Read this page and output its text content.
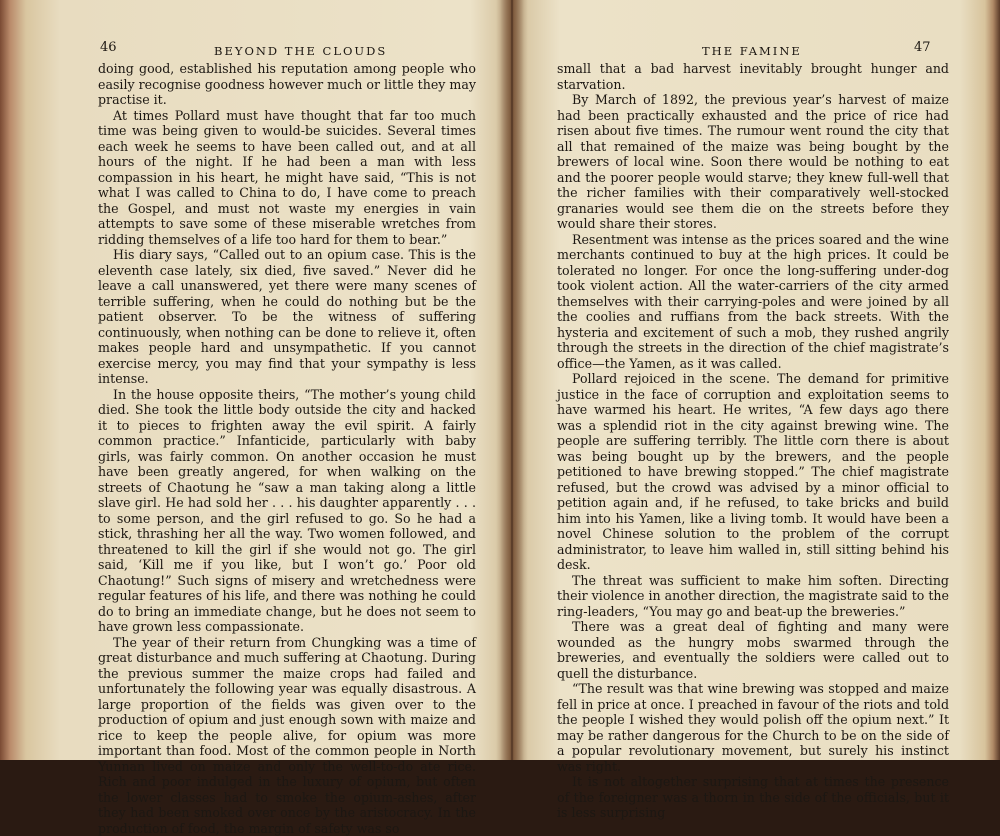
46	BEYOND THE CLOUDS

doing good, established his reputation among people who easily recognise goodness however much or little they may practise it.

At times Pollard must have thought that far too much time was being given to would-be suicides. Several times each week he seems to have been called out, and at all hours of the night. If he had been a man with less compassion in his heart, he might have said, “This is not what I was called to China to do, I have come to preach the Gospel, and must not waste my energies in vain attempts to save some of these miserable wretches from ridding themselves of a life too hard for them to bear.”

His diary says, “Called out to an opium case. This is the eleventh case lately, six died, five saved.” Never did he leave a call unanswered, yet there were many scenes of terrible suffering, when he could do nothing but be the patient observer. To be the witness of suffering continuously, when nothing can be done to relieve it, often makes people hard and unsympathetic. If you cannot exercise mercy, you may find that your sympathy is less intense.

In the house opposite theirs, “The mother’s young child died. She took the little body outside the city and hacked it to pieces to frighten away the evil spirit. A fairly common practice.” Infanticide, particularly with baby girls, was fairly common. On another occasion he must have been greatly angered, for when walking on the streets of Chaotung he “saw a man taking along a little slave girl. He had sold her . . . his daughter apparently . . . to some person, and the girl refused to go. So he had a stick, thrashing her all the way. Two women followed, and threatened to kill the girl if she would not go. The girl said, ‘Kill me if you like, but I won’t go.’ Poor old Chaotung!” Such signs of misery and wretchedness were regular features of his life, and there was nothing he could do to bring an immediate change, but he does not seem to have grown less compassionate.

The year of their return from Chungking was a time of great disturbance and much suffering at Chaotung. During the previous summer the maize crops had failed and unfortunately the following year was equally disastrous. A large proportion of the fields was given over to the production of opium and just enough sown with maize and rice to keep the people alive, for opium was more important than food. Most of the common people in North Yunnan lived on maize and only the well-to-do ate rice. Rich and poor indulged in the luxury of opium, but often the lower classes had to smoke the opium-ashes, after they had been smoked over once by the aristocracy. In the production of food, the margin of safety was so

THE FAMINE	47

small that a bad harvest inevitably brought hunger and starvation.

By March of 1892, the previous year’s harvest of maize had been practically exhausted and the price of rice had risen about five times. The rumour went round the city that all that remained of the maize was being bought by the brewers of local wine. Soon there would be nothing to eat and the poorer people would starve; they knew full-well that the richer families with their comparatively well-stocked granaries would see them die on the streets before they would share their stores.

Resentment was intense as the prices soared and the wine merchants continued to buy at the high prices. It could be tolerated no longer. For once the long-suffering under-dog took violent action. All the water-carriers of the city armed themselves with their carrying-poles and were joined by all the coolies and ruffians from the back streets. With the hysteria and excitement of such a mob, they rushed angrily through the streets in the direction of the chief magistrate’s office—the Yamen, as it was called.

Pollard rejoiced in the scene. The demand for primitive justice in the face of corruption and exploitation seems to have warmed his heart. He writes, “A few days ago there was a splendid riot in the city against brewing wine. The people are suffering terribly. The little corn there is about was being bought up by the brewers, and the people petitioned to have brewing stopped.” The chief magistrate refused, but the crowd was advised by a minor official to petition again and, if he refused, to take bricks and build him into his Yamen, like a living tomb. It would have been a novel Chinese solution to the problem of the corrupt administrator, to leave him walled in, still sitting behind his desk.

The threat was sufficient to make him soften. Directing their violence in another direction, the magistrate said to the ring-leaders, “You may go and beat-up the breweries.”

There was a great deal of fighting and many were wounded as the hungry mobs swarmed through the breweries, and eventually the soldiers were called out to quell the disturbance.

“The result was that wine brewing was stopped and maize fell in price at once. I preached in favour of the riots and told the people I wished they would polish off the opium next.” It may be rather dangerous for the Church to be on the side of a popular revolutionary movement, but surely his instinct was right.

It is not altogether surprising that at times the presence of the foreigner was a thorn in the side of the officials, but it is less surprising
